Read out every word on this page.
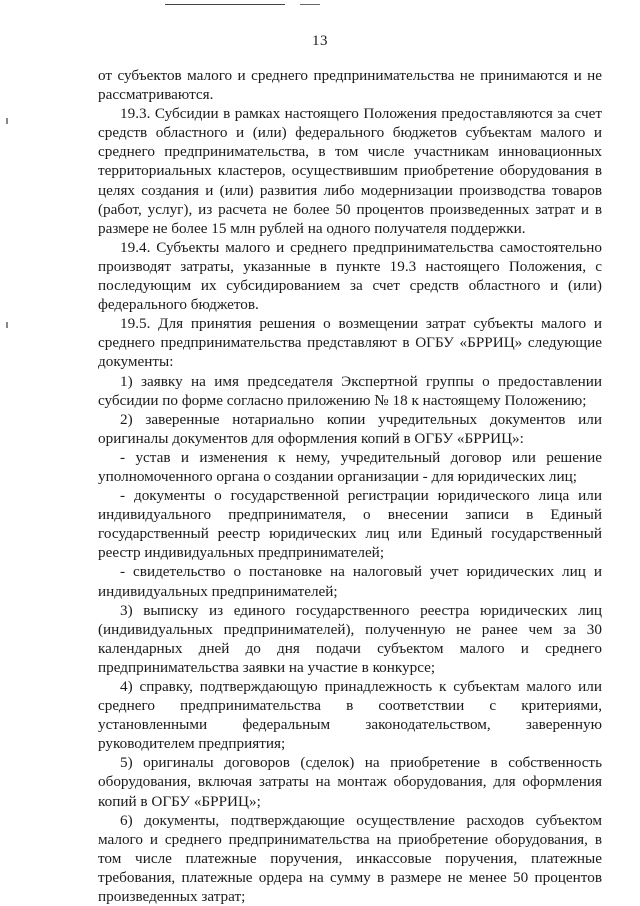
13

от субъектов малого и среднего предпринимательства не принимаются и не рассматриваются.

19.3. Субсидии в рамках настоящего Положения предоставляются за счет средств областного и (или) федерального бюджетов субъектам малого и среднего предпринимательства, в том числе участникам инновационных территориальных кластеров, осуществившим приобретение оборудования в целях создания и (или) развития либо модернизации производства товаров (работ, услуг), из расчета не более 50 процентов произведенных затрат и в размере не более 15 млн рублей на одного получателя поддержки.

19.4. Субъекты малого и среднего предпринимательства самостоятельно производят затраты, указанные в пункте 19.3 настоящего Положения, с последующим их субсидированием за счет средств областного и (или) федерального бюджетов.

19.5. Для принятия решения о возмещении затрат субъекты малого и среднего предпринимательства представляют в ОГБУ «БРРИЦ» следующие документы:

1) заявку на имя председателя Экспертной группы о предоставлении субсидии по форме согласно приложению № 18 к настоящему Положению;

2) заверенные нотариально копии учредительных документов или оригиналы документов для оформления копий в ОГБУ «БРРИЦ»:

- устав и изменения к нему, учредительный договор или решение уполномоченного органа о создании организации - для юридических лиц;

- документы о государственной регистрации юридического лица или индивидуального предпринимателя, о внесении записи в Единый государственный реестр юридических лиц или Единый государственный реестр индивидуальных предпринимателей;

- свидетельство о постановке на налоговый учет юридических лиц и индивидуальных предпринимателей;

3) выписку из единого государственного реестра юридических лиц (индивидуальных предпринимателей), полученную не ранее чем за 30 календарных дней до дня подачи субъектом малого и среднего предпринимательства заявки на участие в конкурсе;

4) справку, подтверждающую принадлежность к субъектам малого или среднего предпринимательства в соответствии с критериями, установленными федеральным законодательством, заверенную руководителем предприятия;

5) оригиналы договоров (сделок) на приобретение в собственность оборудования, включая затраты на монтаж оборудования, для оформления копий в ОГБУ «БРРИЦ»;

6) документы, подтверждающие осуществление расходов субъектом малого и среднего предпринимательства на приобретение оборудования, в том числе платежные поручения, инкассовые поручения, платежные требования, платежные ордера на сумму в размере не менее 50 процентов произведенных затрат;
